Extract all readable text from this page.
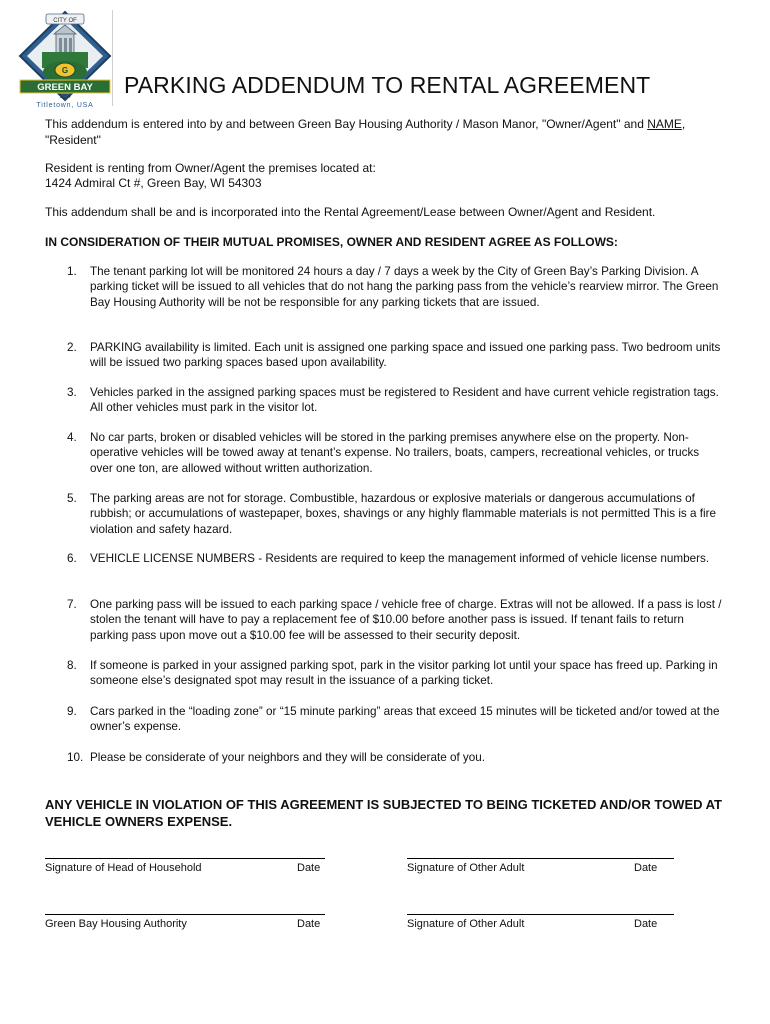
CITY OF
G
GREEN BAY
1854
Titletown, USA
PARKING ADDENDUM TO RENTAL AGREEMENT
This addendum is entered into by and between Green Bay Housing Authority / Mason Manor, "Owner/Agent" and NAME, "Resident"
Resident is renting from Owner/Agent the premises located at:
1424 Admiral Ct #, Green Bay, WI 54303
This addendum shall be and is incorporated into the Rental Agreement/Lease between Owner/Agent and Resident.
IN CONSIDERATION OF THEIR MUTUAL PROMISES, OWNER AND RESIDENT AGREE AS FOLLOWS:
1. The tenant parking lot will be monitored 24 hours a day / 7 days a week by the City of Green Bay’s Parking Division. A parking ticket will be issued to all vehicles that do not hang the parking pass from the vehicle’s rearview mirror. The Green Bay Housing Authority will be not be responsible for any parking tickets that are issued.
2. PARKING availability is limited. Each unit is assigned one parking space and issued one parking pass. Two bedroom units will be issued two parking spaces based upon availability.
3. Vehicles parked in the assigned parking spaces must be registered to Resident and have current vehicle registration tags. All other vehicles must park in the visitor lot.
4. No car parts, broken or disabled vehicles will be stored in the parking premises anywhere else on the property. Non-operative vehicles will be towed away at tenant’s expense. No trailers, boats, campers, recreational vehicles, or trucks over one ton, are allowed without written authorization.
5. The parking areas are not for storage. Combustible, hazardous or explosive materials or dangerous accumulations of rubbish; or accumulations of wastepaper, boxes, shavings or any highly flammable materials is not permitted This is a fire violation and safety hazard.
6. VEHICLE LICENSE NUMBERS - Residents are required to keep the management informed of vehicle license numbers.
7. One parking pass will be issued to each parking space / vehicle free of charge. Extras will not be allowed. If a pass is lost / stolen the tenant will have to pay a replacement fee of $10.00 before another pass is issued. If tenant fails to return parking pass upon move out a $10.00 fee will be assessed to their security deposit.
8. If someone is parked in your assigned parking spot, park in the visitor parking lot until your space has freed up. Parking in someone else’s designated spot may result in the issuance of a parking ticket.
9. Cars parked in the “loading zone” or “15 minute parking” areas that exceed 15 minutes will be ticketed and/or towed at the owner’s expense.
10. Please be considerate of your neighbors and they will be considerate of you.
ANY VEHICLE IN VIOLATION OF THIS AGREEMENT IS SUBJECTED TO BEING TICKETED AND/OR TOWED AT VEHICLE OWNERS EXPENSE.
Signature of Head of Household	Date	Signature of Other Adult	Date
Green Bay Housing Authority	Date	Signature of Other Adult	Date
